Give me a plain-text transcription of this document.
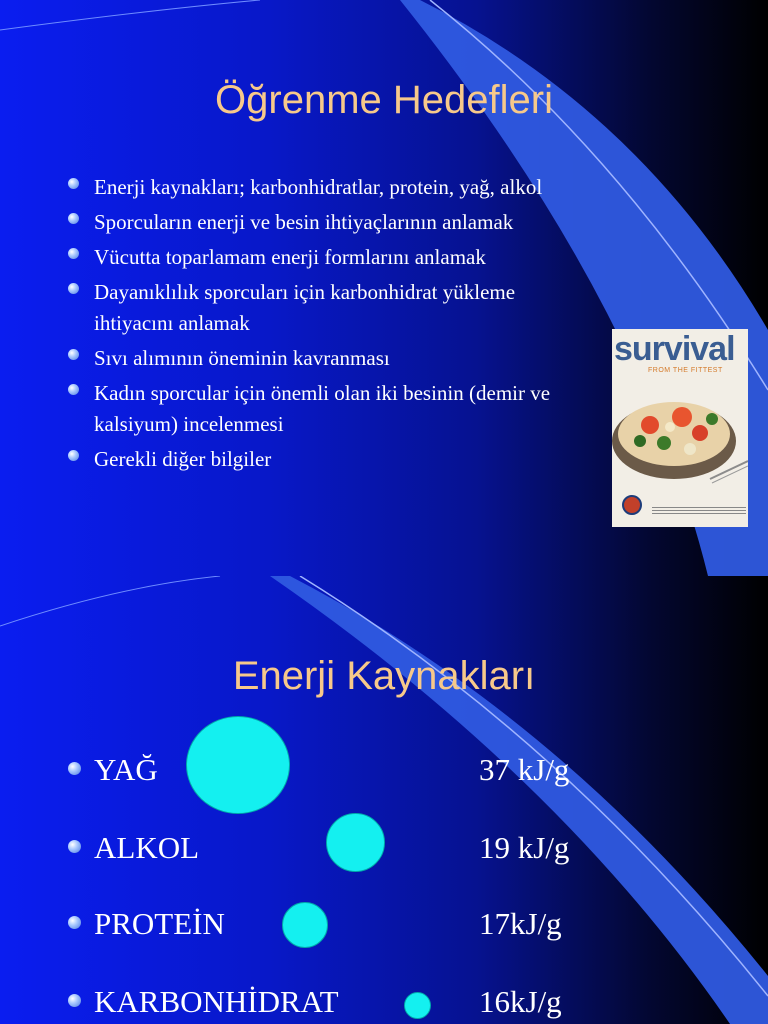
Öğrenme Hedefleri
Enerji kaynakları; karbonhidratlar, protein, yağ, alkol
Sporcuların enerji ve besin ihtiyaçlarının anlamak
Vücutta toparlamam enerji formlarını anlamak
Dayanıklılık sporcuları için karbonhidrat yükleme ihtiyacını anlamak
Sıvı alımının öneminin kavranması
Kadın sporcular için önemli olan iki besinin (demir ve kalsiyum) incelenmesi
Gerekli diğer bilgiler
survival
FROM THE FITTEST
Enerji Kaynakları
YAĞ	37 kJ/g
ALKOL	19 kJ/g
PROTEİN	17kJ/g
KARBONHİDRAT	16kJ/g
